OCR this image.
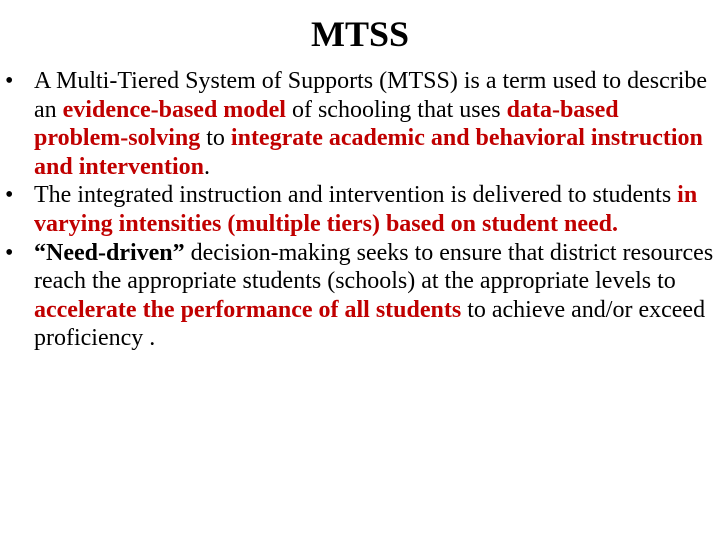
MTSS
• A Multi-Tiered System of Supports (MTSS) is a term used to describe an evidence-based model of schooling that uses data-based problem-solving to integrate academic and behavioral instruction and intervention.
• The integrated instruction and intervention is delivered to students in varying intensities (multiple tiers) based on student need.
• “Need-driven” decision-making seeks to ensure that district resources reach the appropriate students (schools) at the appropriate levels to accelerate the performance of all students to achieve and/or exceed proficiency .
